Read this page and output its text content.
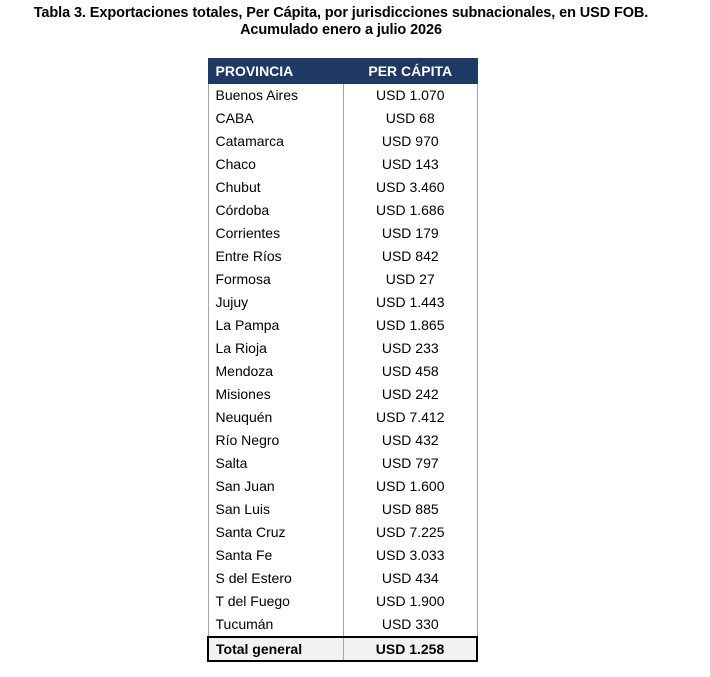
Tabla 3. Exportaciones totales, Per Cápita, por jurisdicciones subnacionales, en USD FOB.
Acumulado enero a julio 2026
PROVINCIA	PER CÁPITA
Buenos Aires	USD 1.070
CABA	USD 68
Catamarca	USD 970
Chaco	USD 143
Chubut	USD 3.460
Córdoba	USD 1.686
Corrientes	USD 179
Entre Ríos	USD 842
Formosa	USD 27
Jujuy	USD 1.443
La Pampa	USD 1.865
La Rioja	USD 233
Mendoza	USD 458
Misiones	USD 242
Neuquén	USD 7.412
Río Negro	USD 432
Salta	USD 797
San Juan	USD 1.600
San Luis	USD 885
Santa Cruz	USD 7.225
Santa Fe	USD 3.033
S del Estero	USD 434
T del Fuego	USD 1.900
Tucumán	USD 330
Total general	USD 1.258
